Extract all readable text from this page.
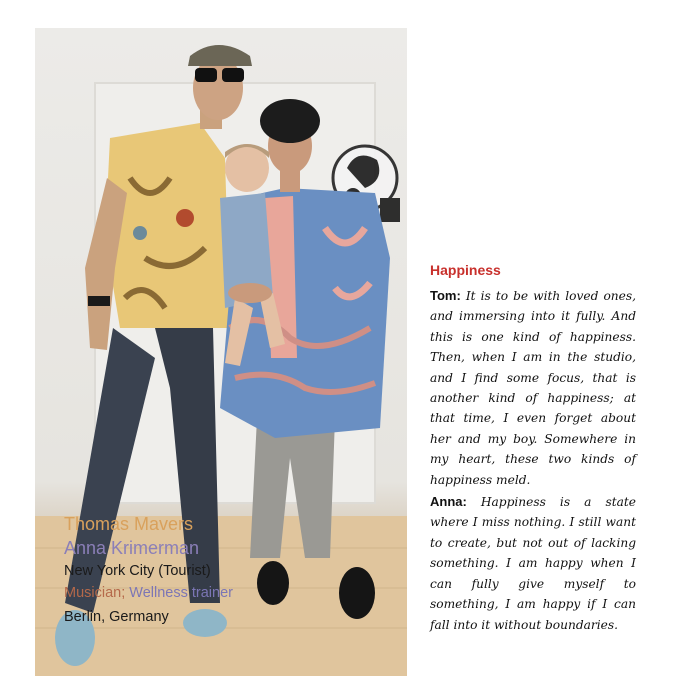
Thomas Mavers
Anna Krimerman
New York City (Tourist)
Musician; Wellness trainer
Berlin, Germany
Happiness

Tom: It is to be with loved ones, and immersing into it fully. And this is one kind of happiness. Then, when I am in the studio, and I find some focus, that is another kind of happiness; at that time, I even forget about her and my boy. Somewhere in my heart, these two kinds of happiness meld.

Anna: Happiness is a state where I miss nothing. I still want to create, but not out of lacking something. I am happy when I can fully give myself to something, I am happy if I can fall into it without boundaries.
